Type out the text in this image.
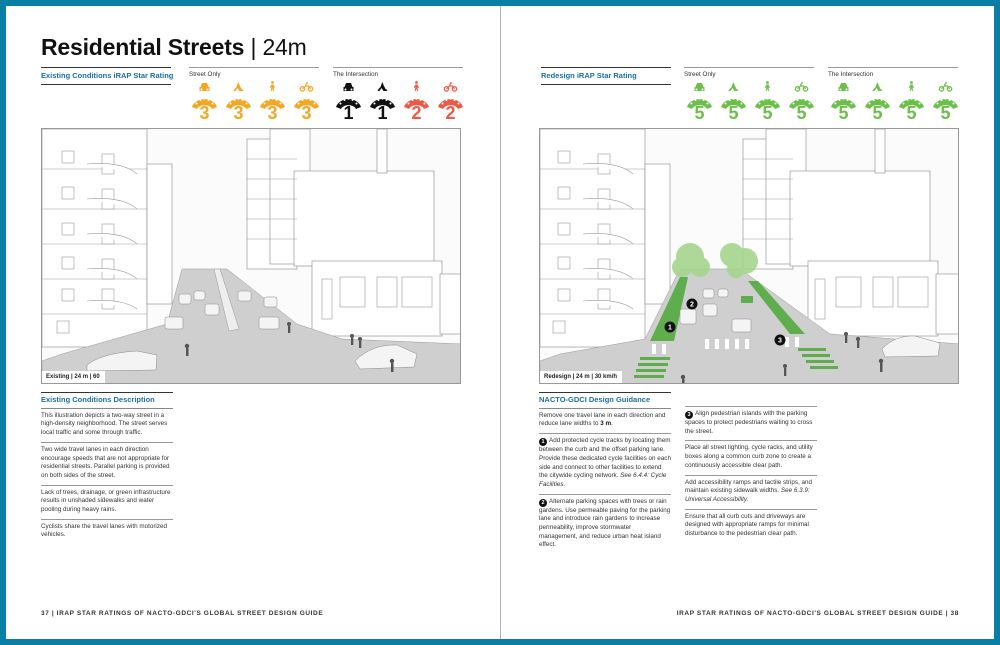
Residential Streets | 24m
Existing Conditions iRAP Star Rating Street Only
3	3	3	3
The Intersection
1	1	2	2
Existing | 24 m | 60
Existing Conditions Description

This illustration depicts a two-way street in a high-density neighborhood. The street serves local traffic and some through traffic.

Two wide travel lanes in each direction encourage speeds that are not appropriate for residential streets. Parallel parking is provided on both sides of the street.

Lack of trees, drainage, or green infrastructure results in unshaded sidewalks and water pooling during heavy rains.

Cyclists share the travel lanes with motorized vehicles.

37 | IRAP STAR RATINGS OF NACTO-GDCI'S GLOBAL STREET DESIGN GUIDE
Redesign iRAP Star Rating	Street Only
5	5	5	5
The Intersection
5	5	5	5
1
2
3
Redesign | 24 m | 30 km/h
NACTO-GDCI Design Guidance

Remove one travel lane in each direction and reduce lane widths to 3 m.

1 Add protected cycle tracks by locating them between the curb and the offset parking lane. Provide these dedicated cycle facilities on each side and connect to other facilities to extend the citywide cycling network. See 6.4.4: Cycle Facilities.

2 Alternate parking spaces with trees or rain gardens. Use permeable paving for the parking lane and introduce rain gardens to increase permeability, improve stormwater management, and reduce urban heat island effect.

3 Align pedestrian islands with the parking spaces to protect pedestrians waiting to cross the street.

Place all street lighting, cycle racks, and utility boxes along a common curb zone to create a continuously accessible clear path.

Add accessibility ramps and tactile strips, and maintain existing sidewalk widths. See 6.3.9: Universal Accessibility.

Ensure that all curb cuts and driveways are designed with appropriate ramps for minimal disturbance to the pedestrian clear path.

IRAP STAR RATINGS OF NACTO-GDCI'S GLOBAL STREET DESIGN GUIDE | 38
